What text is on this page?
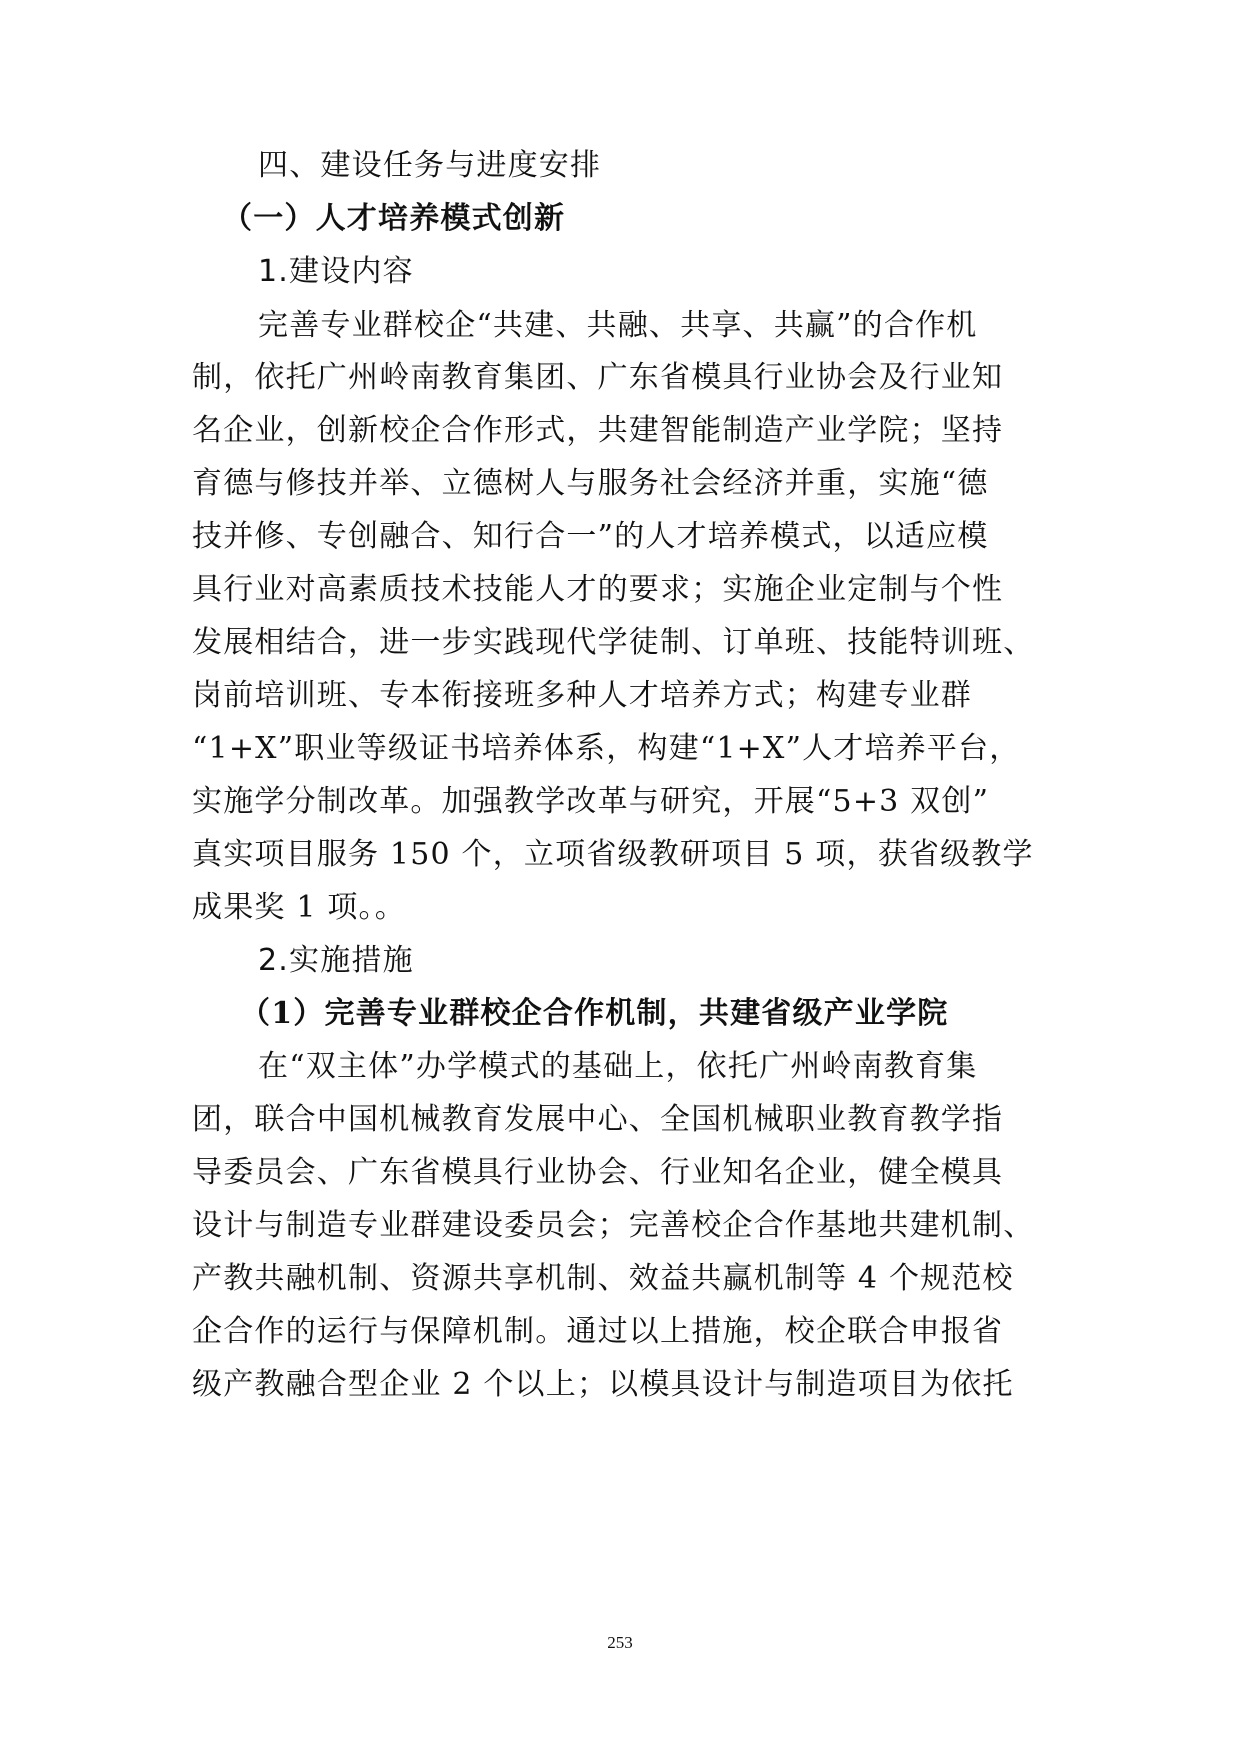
四、建设任务与进度安排
（一）人才培养模式创新
1.建设内容
完善专业群校企“共建、共融、共享、共赢”的合作机
制，依托广州岭南教育集团、广东省模具行业协会及行业知
名企业，创新校企合作形式，共建智能制造产业学院；坚持
育德与修技并举、立德树人与服务社会经济并重，实施“德
技并修、专创融合、知行合一”的人才培养模式，以适应模
具行业对高素质技术技能人才的要求；实施企业定制与个性
发展相结合，进一步实践现代学徒制、订单班、技能特训班、
岗前培训班、专本衔接班多种人才培养方式；构建专业群
“1+X”职业等级证书培养体系，构建“1+X”人才培养平台，
实施学分制改革。加强教学改革与研究，开展“5+3 双创”
真实项目服务 150 个，立项省级教研项目 5 项，获省级教学
成果奖 1 项。。
2.实施措施
（1）完善专业群校企合作机制，共建省级产业学院
在“双主体”办学模式的基础上，依托广州岭南教育集
团，联合中国机械教育发展中心、全国机械职业教育教学指
导委员会、广东省模具行业协会、行业知名企业，健全模具
设计与制造专业群建设委员会；完善校企合作基地共建机制、
产教共融机制、资源共享机制、效益共赢机制等 4 个规范校
企合作的运行与保障机制。通过以上措施，校企联合申报省
级产教融合型企业 2 个以上；以模具设计与制造项目为依托
253
